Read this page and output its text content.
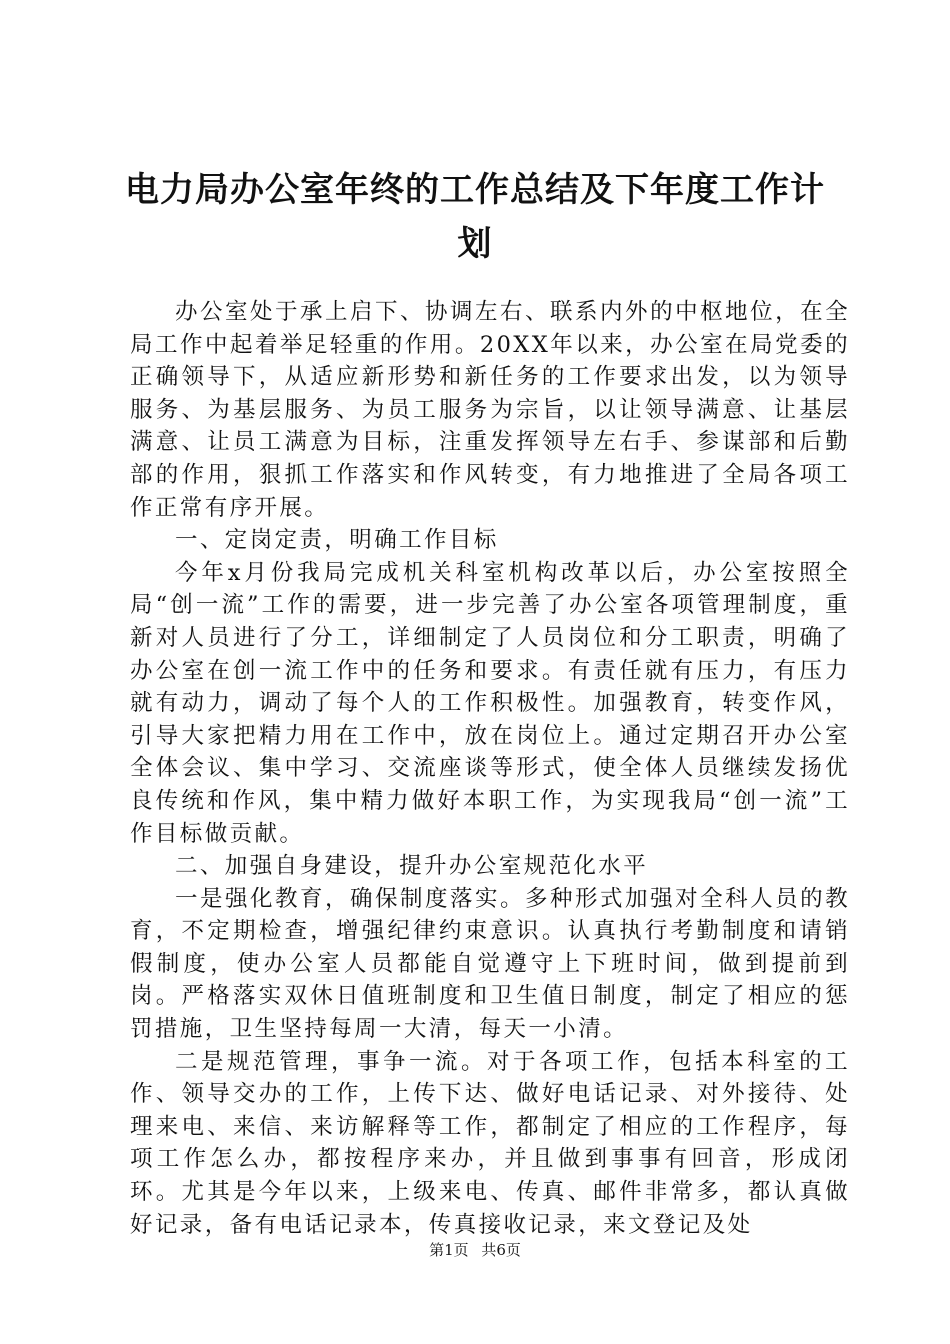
电力局办公室年终的工作总结及下年度工作计划

办公室处于承上启下、协调左右、联系内外的中枢地位，在全局工作中起着举足轻重的作用。20XX年以来，办公室在局党委的正确领导下，从适应新形势和新任务的工作要求出发，以为领导服务、为基层服务、为员工服务为宗旨，以让领导满意、让基层满意、让员工满意为目标，注重发挥领导左右手、参谋部和后勤部的作用，狠抓工作落实和作风转变，有力地推进了全局各项工作正常有序开展。

一、定岗定责，明确工作目标

今年x月份我局完成机关科室机构改革以后，办公室按照全局“创一流”工作的需要，进一步完善了办公室各项管理制度，重新对人员进行了分工，详细制定了人员岗位和分工职责，明确了办公室在创一流工作中的任务和要求。有责任就有压力，有压力就有动力，调动了每个人的工作积极性。加强教育，转变作风，引导大家把精力用在工作中，放在岗位上。通过定期召开办公室全体会议、集中学习、交流座谈等形式，使全体人员继续发扬优良传统和作风，集中精力做好本职工作，为实现我局“创一流”工作目标做贡献。

二、加强自身建设，提升办公室规范化水平

一是强化教育，确保制度落实。多种形式加强对全科人员的教育，不定期检查，增强纪律约束意识。认真执行考勤制度和请销假制度，使办公室人员都能自觉遵守上下班时间，做到提前到岗。严格落实双休日值班制度和卫生值日制度，制定了相应的惩罚措施，卫生坚持每周一大清，每天一小清。

二是规范管理，事争一流。对于各项工作，包括本科室的工作、领导交办的工作，上传下达、做好电话记录、对外接待、处理来电、来信、来访解释等工作，都制定了相应的工作程序，每项工作怎么办，都按程序来办，并且做到事事有回音，形成闭环。尤其是今年以来，上级来电、传真、邮件非常多，都认真做好记录，备有电话记录本，传真接收记录，来文登记及处

第1页 共6页
